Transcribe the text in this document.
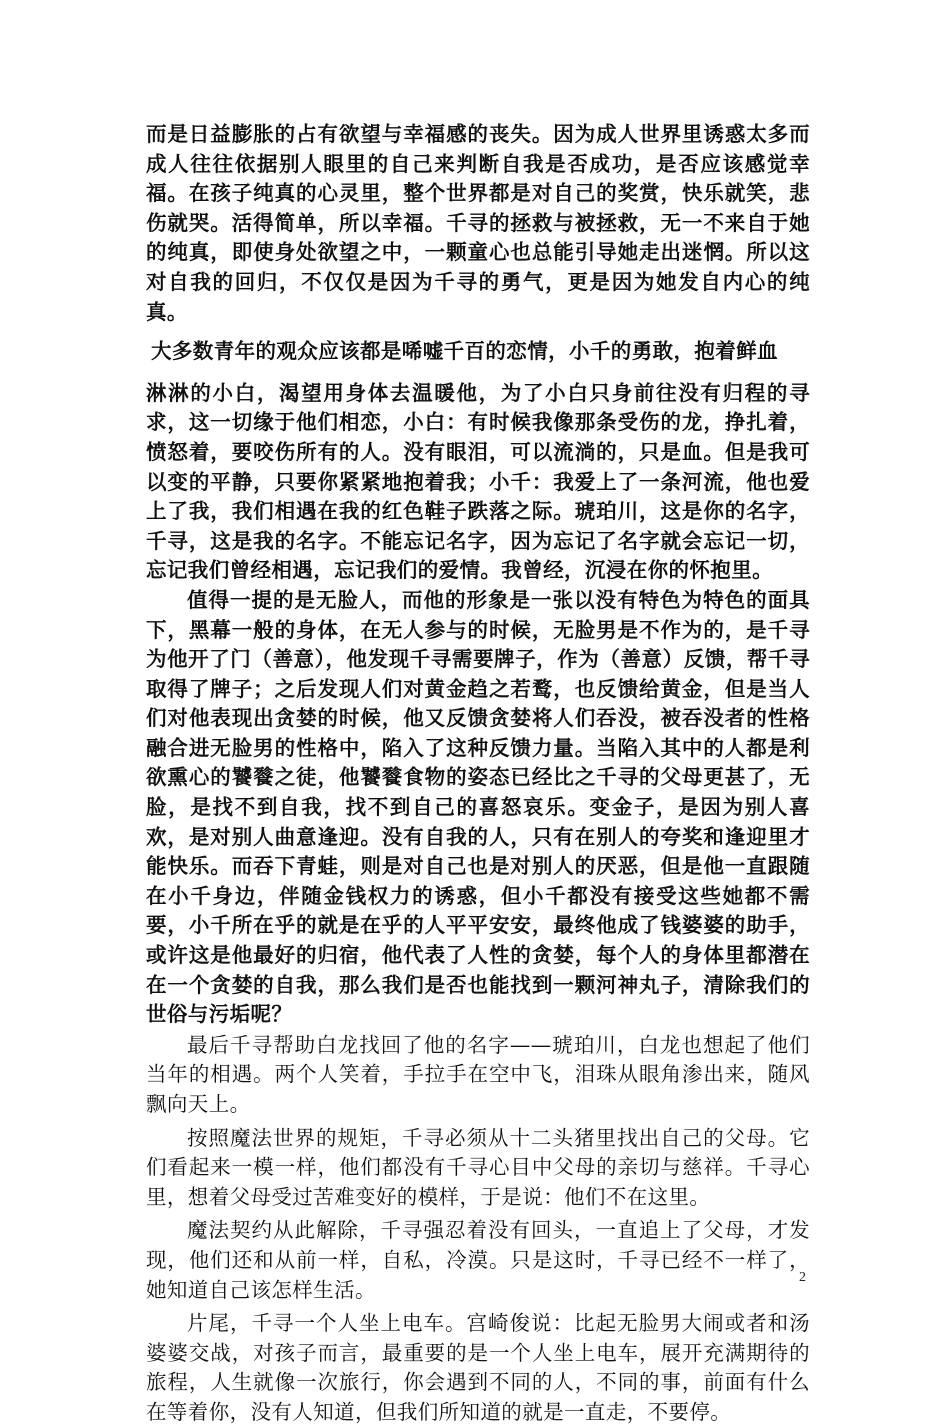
而是日益膨胀的占有欲望与幸福感的丧失。因为成人世界里诱惑太多而成人往往依据别人眼里的自己来判断自我是否成功，是否应该感觉幸福。在孩子纯真的心灵里，整个世界都是对自己的奖赏，快乐就笑，悲伤就哭。活得简单，所以幸福。千寻的拯救与被拯救，无一不来自于她的纯真，即使身处欲望之中，一颗童心也总能引导她走出迷惘。所以这对自我的回归，不仅仅是因为千寻的勇气，更是因为她发自内心的纯真。

大多数青年的观众应该都是唏嘘千百的恋情，小千的勇敢，抱着鲜血

淋淋的小白，渴望用身体去温暖他，为了小白只身前往没有归程的寻求，这一切缘于他们相恋，小白：有时候我像那条受伤的龙，挣扎着，愤怒着，要咬伤所有的人。没有眼泪，可以流淌的，只是血。但是我可以变的平静，只要你紧紧地抱着我；小千：我爱上了一条河流，他也爱上了我，我们相遇在我的红色鞋子跌落之际。琥珀川，这是你的名字，千寻，这是我的名字。不能忘记名字，因为忘记了名字就会忘记一切，忘记我们曾经相遇，忘记我们的爱情。我曾经，沉浸在你的怀抱里。

值得一提的是无脸人，而他的形象是一张以没有特色为特色的面具下，黑幕一般的身体，在无人参与的时候，无脸男是不作为的，是千寻为他开了门（善意），他发现千寻需要牌子，作为（善意）反馈，帮千寻取得了牌子；之后发现人们对黄金趋之若鹜，也反馈给黄金，但是当人们对他表现出贪婪的时候，他又反馈贪婪将人们吞没，被吞没者的性格融合进无脸男的性格中，陷入了这种反馈力量。当陷入其中的人都是利欲熏心的饕餮之徒，他饕餮食物的姿态已经比之千寻的父母更甚了，无脸，是找不到自我，找不到自己的喜怒哀乐。变金子，是因为别人喜欢，是对别人曲意逢迎。没有自我的人，只有在别人的夸奖和逢迎里才能快乐。而吞下青蛙，则是对自己也是对别人的厌恶，但是他一直跟随在小千身边，伴随金钱权力的诱惑，但小千都没有接受这些她都不需要，小千所在乎的就是在乎的人平平安安，最终他成了钱婆婆的助手，或许这是他最好的归宿，他代表了人性的贪婪，每个人的身体里都潜在在一个贪婪的自我，那么我们是否也能找到一颗河神丸子，清除我们的世俗与污垢呢？

最后千寻帮助白龙找回了他的名字——琥珀川，白龙也想起了他们当年的相遇。两个人笑着，手拉手在空中飞，泪珠从眼角渗出来，随风飘向天上。

按照魔法世界的规矩，千寻必须从十二头猪里找出自己的父母。它们看起来一模一样，他们都没有千寻心目中父母的亲切与慈祥。千寻心里，想着父母受过苦难变好的模样，于是说：他们不在这里。

魔法契约从此解除，千寻强忍着没有回头，一直追上了父母，才发现，他们还和从前一样，自私，冷漠。只是这时，千寻已经不一样了，她知道自己该怎样生活。

片尾，千寻一个人坐上电车。宫崎俊说：比起无脸男大闹或者和汤婆婆交战，对孩子而言，最重要的是一个人坐上电车，展开充满期待的旅程，人生就像一次旅行，你会遇到不同的人，不同的事，前面有什么在等着你，没有人知道，但我们所知道的就是一直走，不要停。

2
